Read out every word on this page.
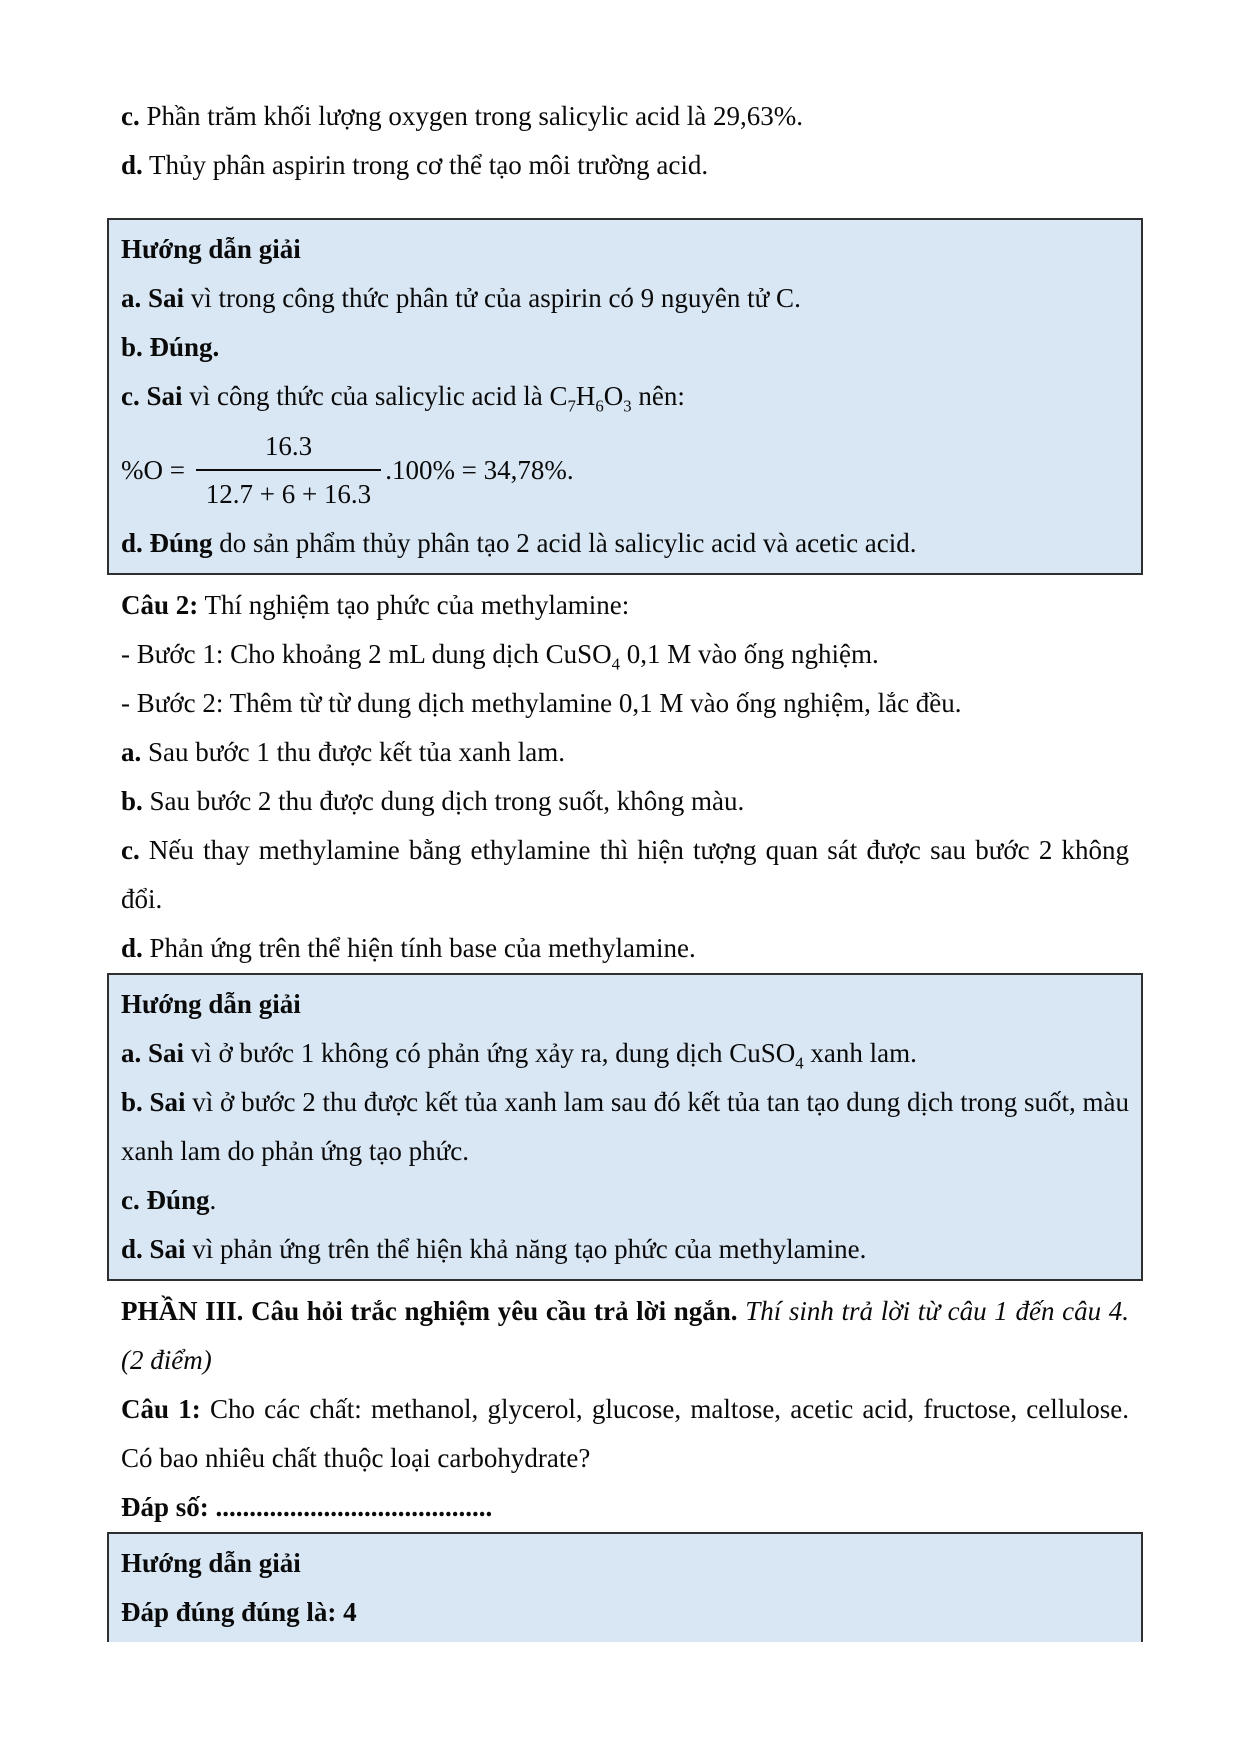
c. Phần trăm khối lượng oxygen trong salicylic acid là 29,63%.

d. Thủy phân aspirin trong cơ thể tạo môi trường acid.

Hướng dẫn giải

a. Sai vì trong công thức phân tử của aspirin có 9 nguyên tử C.

b. Đúng.

c. Sai vì công thức của salicylic acid là $C_7H_6O_3$ nên:

$\%O = \frac{16.3}{12.7 + 6 + 16.3} .100\% = 34,78\%$.

d. Đúng do sản phẩm thủy phân tạo 2 acid là salicylic acid và acetic acid.

Câu 2: Thí nghiệm tạo phức của methylamine:

- Bước 1: Cho khoảng 2 mL dung dịch CuSO$_4$ 0,1 M vào ống nghiệm.

- Bước 2: Thêm từ từ dung dịch methylamine 0,1 M vào ống nghiệm, lắc đều.

a. Sau bước 1 thu được kết tủa xanh lam.

b. Sau bước 2 thu được dung dịch trong suốt, không màu.

c. Nếu thay methylamine bằng ethylamine thì hiện tượng quan sát được sau bước 2 không đổi.

d. Phản ứng trên thể hiện tính base của methylamine.

Hướng dẫn giải

a. Sai vì ở bước 1 không có phản ứng xảy ra, dung dịch CuSO$_4$ xanh lam.

b. Sai vì ở bước 2 thu được kết tủa xanh lam sau đó kết tủa tan tạo dung dịch trong suốt, màu xanh lam do phản ứng tạo phức.

c. Đúng.

d. Sai vì phản ứng trên thể hiện khả năng tạo phức của methylamine.

PHẦN III. Câu hỏi trắc nghiệm yêu cầu trả lời ngắn. Thí sinh trả lời từ câu 1 đến câu 4. (2 điểm)

Câu 1: Cho các chất: methanol, glycerol, glucose, maltose, acetic acid, fructose, cellulose. Có bao nhiêu chất thuộc loại carbohydrate?

Đáp số: .........................................

Hướng dẫn giải

Đáp đúng đúng là: 4
